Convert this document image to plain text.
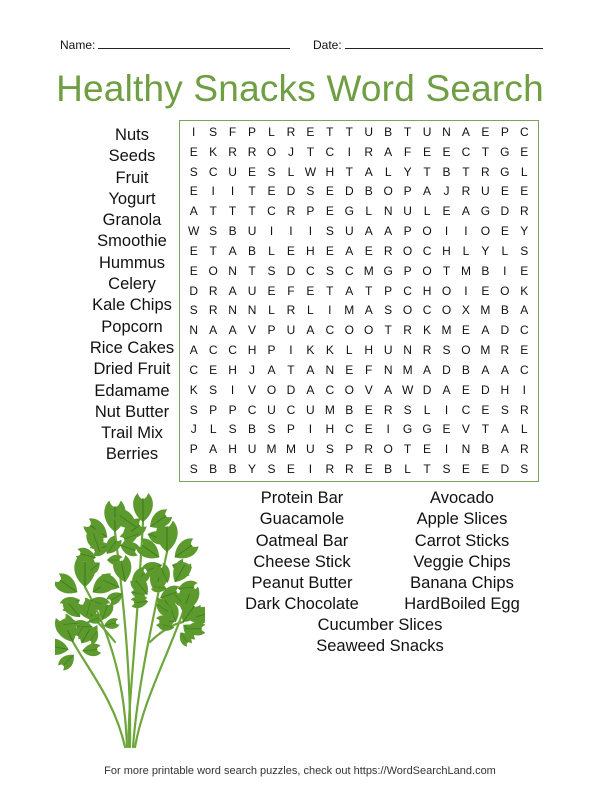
Name:	Date:
Healthy Snacks Word Search
Nuts
Seeds
Fruit
Yogurt
Granola
Smoothie
Hummus
Celery
Kale Chips
Popcorn
Rice Cakes
Dried Fruit
Edamame
Nut Butter
Trail Mix
Berries
I	S F P	L R E T	T U B T U N A E P C
E K R R O J	T C	I	R A F E E C T G E
S C U E S	L W H T A	L	Y T B T R G L
E	I	I	T E D S E D B O P A	J	R U E E
A T	T	T C R P E G L N U L	E A G D R
W S B U	I	I	I	S U A A P O	I	I	O E Y
E T A B	L	E H E A E R O C H L	Y	L	S
E O N T S D C S C M G P O T M B	I	E
D R A U E F E T A T P C H O	I	E O K
S R N N L R L	I	M A S O C O X M B A
N A A V P U A C O O T R K M E A D C
A C C H P	I	K K	L H U N R S O M R E
C E H	J	A T A N E F N M A D B A A C
K S	I	V O D A C O V A W D A E D H	I
S P P C U C U M B E R S	L	I	C E S R
J	L	S B S P	I	H C E	I	G G E V T A	L
P A H U M M U S P R O T E	I	N B A R
S B B Y S E	I	R R E B	L	T S E E D S
Protein Bar
Guacamole
Oatmeal Bar
Cheese Stick
Peanut Butter
Dark Chocolate
Avocado
Apple Slices
Carrot Sticks
Veggie Chips
Banana Chips
HardBoiled Egg
Cucumber Slices
Seaweed Snacks
For more printable word search puzzles, check out https://WordSearchLand.com
